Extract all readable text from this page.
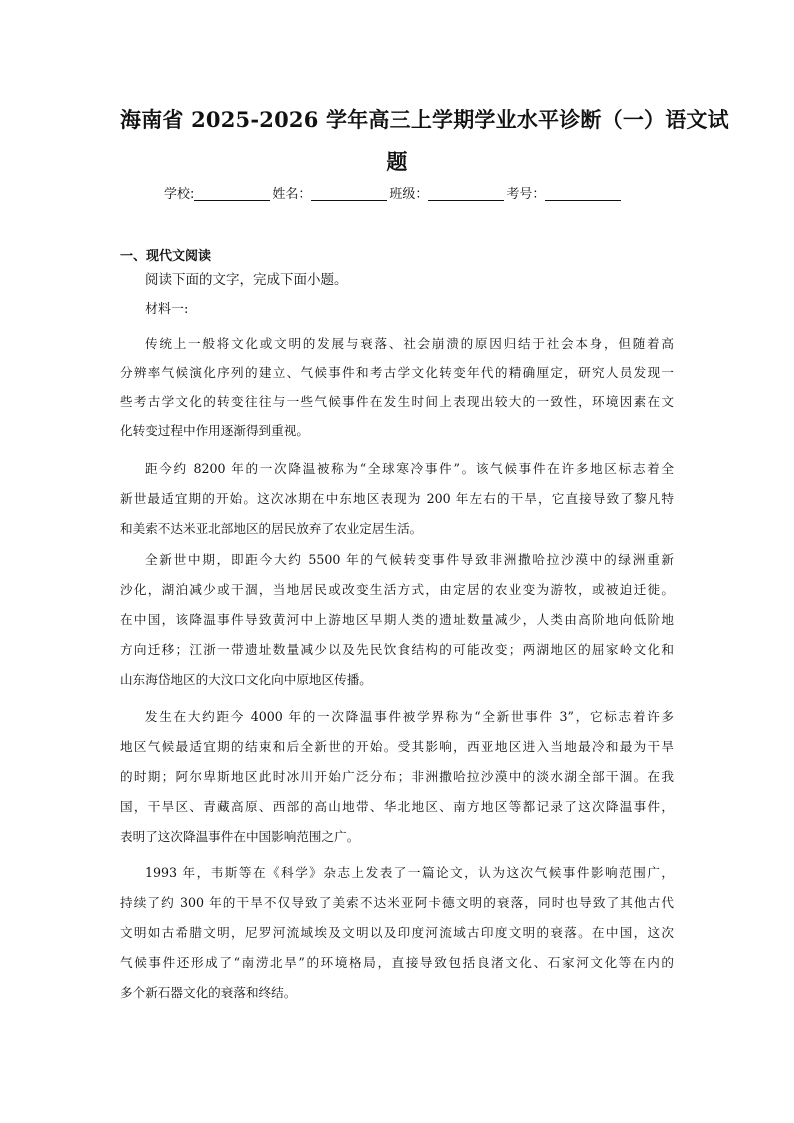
海南省 2025-2026 学年高三上学期学业水平诊断（一）语文试
题
学校:	姓名：	班级：	考号：
一、现代文阅读
阅读下面的文字，完成下面小题。
材料一:
传统上一般将文化或文明的发展与衰落、社会崩溃的原因归结于社会本身，但随着高
分辨率气候演化序列的建立、气候事件和考古学文化转变年代的精确厘定，研究人员发现一
些考古学文化的转变往往与一些气候事件在发生时间上表现出较大的一致性，环境因素在文
化转变过程中作用逐渐得到重视。
距今约 8200 年的一次降温被称为“全球寒冷事件”。该气候事件在许多地区标志着全
新世最适宜期的开始。这次冰期在中东地区表现为 200 年左右的干旱，它直接导致了黎凡特
和美索不达米亚北部地区的居民放弃了农业定居生活。
全新世中期，即距今大约 5500 年的气候转变事件导致非洲撒哈拉沙漠中的绿洲重新
沙化，湖泊减少或干涸，当地居民或改变生活方式，由定居的农业变为游牧，或被迫迁徙。
在中国，该降温事件导致黄河中上游地区早期人类的遗址数量减少，人类由高阶地向低阶地
方向迁移；江浙一带遗址数量减少以及先民饮食结构的可能改变；两湖地区的屈家岭文化和
山东海岱地区的大汶口文化向中原地区传播。
发生在大约距今 4000 年的一次降温事件被学界称为“全新世事件 3”，它标志着许多
地区气候最适宜期的结束和后全新世的开始。受其影响，西亚地区进入当地最冷和最为干旱
的时期；阿尔卑斯地区此时冰川开始广泛分布；非洲撒哈拉沙漠中的淡水湖全部干涸。在我
国，干旱区、青藏高原、西部的高山地带、华北地区、南方地区等都记录了这次降温事件，
表明了这次降温事件在中国影响范围之广。
1993 年，韦斯等在《科学》杂志上发表了一篇论文，认为这次气候事件影响范围广，
持续了约 300 年的干旱不仅导致了美索不达米亚阿卡德文明的衰落，同时也导致了其他古代
文明如古希腊文明，尼罗河流域埃及文明以及印度河流域古印度文明的衰落。在中国，这次
气候事件还形成了“南涝北旱”的环境格局，直接导致包括良渚文化、石家河文化等在内的
多个新石器文化的衰落和终结。
